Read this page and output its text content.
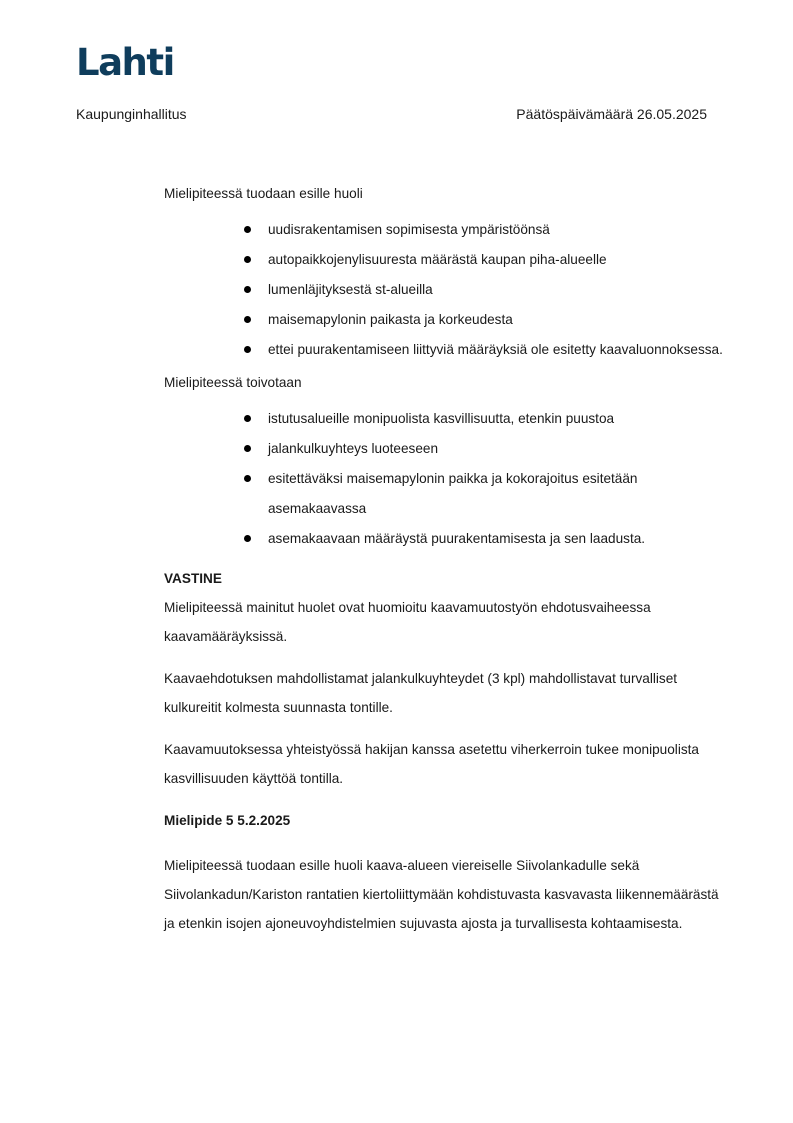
Lahti
Kaupunginhallitus	Päätöspäivämäärä 26.05.2025

Mielipiteessä tuodaan esille huoli

uudisrakentamisen sopimisesta ympäristöönsä
autopaikkojenylisuuresta määrästä kaupan piha-alueelle
lumenläjityksestä st-alueilla
maisemapylonin paikasta ja korkeudesta
ettei puurakentamiseen liittyviä määräyksiä ole esitetty kaavaluonnoksessa.

Mielipiteessä toivotaan

istutusalueille monipuolista kasvillisuutta, etenkin puustoa
jalankulkuyhteys luoteeseen
esitettäväksi maisemapylonin paikka ja kokorajoitus esitetään asemakaavassa
asemakaavaan määräystä puurakentamisesta ja sen laadusta.

VASTINE

Mielipiteessä mainitut huolet ovat huomioitu kaavamuutostyön ehdotusvaiheessa kaavamääräyksissä.

Kaavaehdotuksen mahdollistamat jalankulkuyhteydet (3 kpl) mahdollistavat turvalliset kulkureitit kolmesta suunnasta tontille.

Kaavamuutoksessa yhteistyössä hakijan kanssa asetettu viherkerroin tukee monipuolista kasvillisuuden käyttöä tontilla.

Mielipide 5 5.2.2025

Mielipiteessä tuodaan esille huoli kaava-alueen viereiselle Siivolankadulle sekä Siivolankadun/Kariston rantatien kiertoliittymään kohdistuvasta kasvavasta liikennemäärästä ja etenkin isojen ajoneuvoyhdistelmien sujuvasta ajosta ja turvallisesta kohtaamisesta.
